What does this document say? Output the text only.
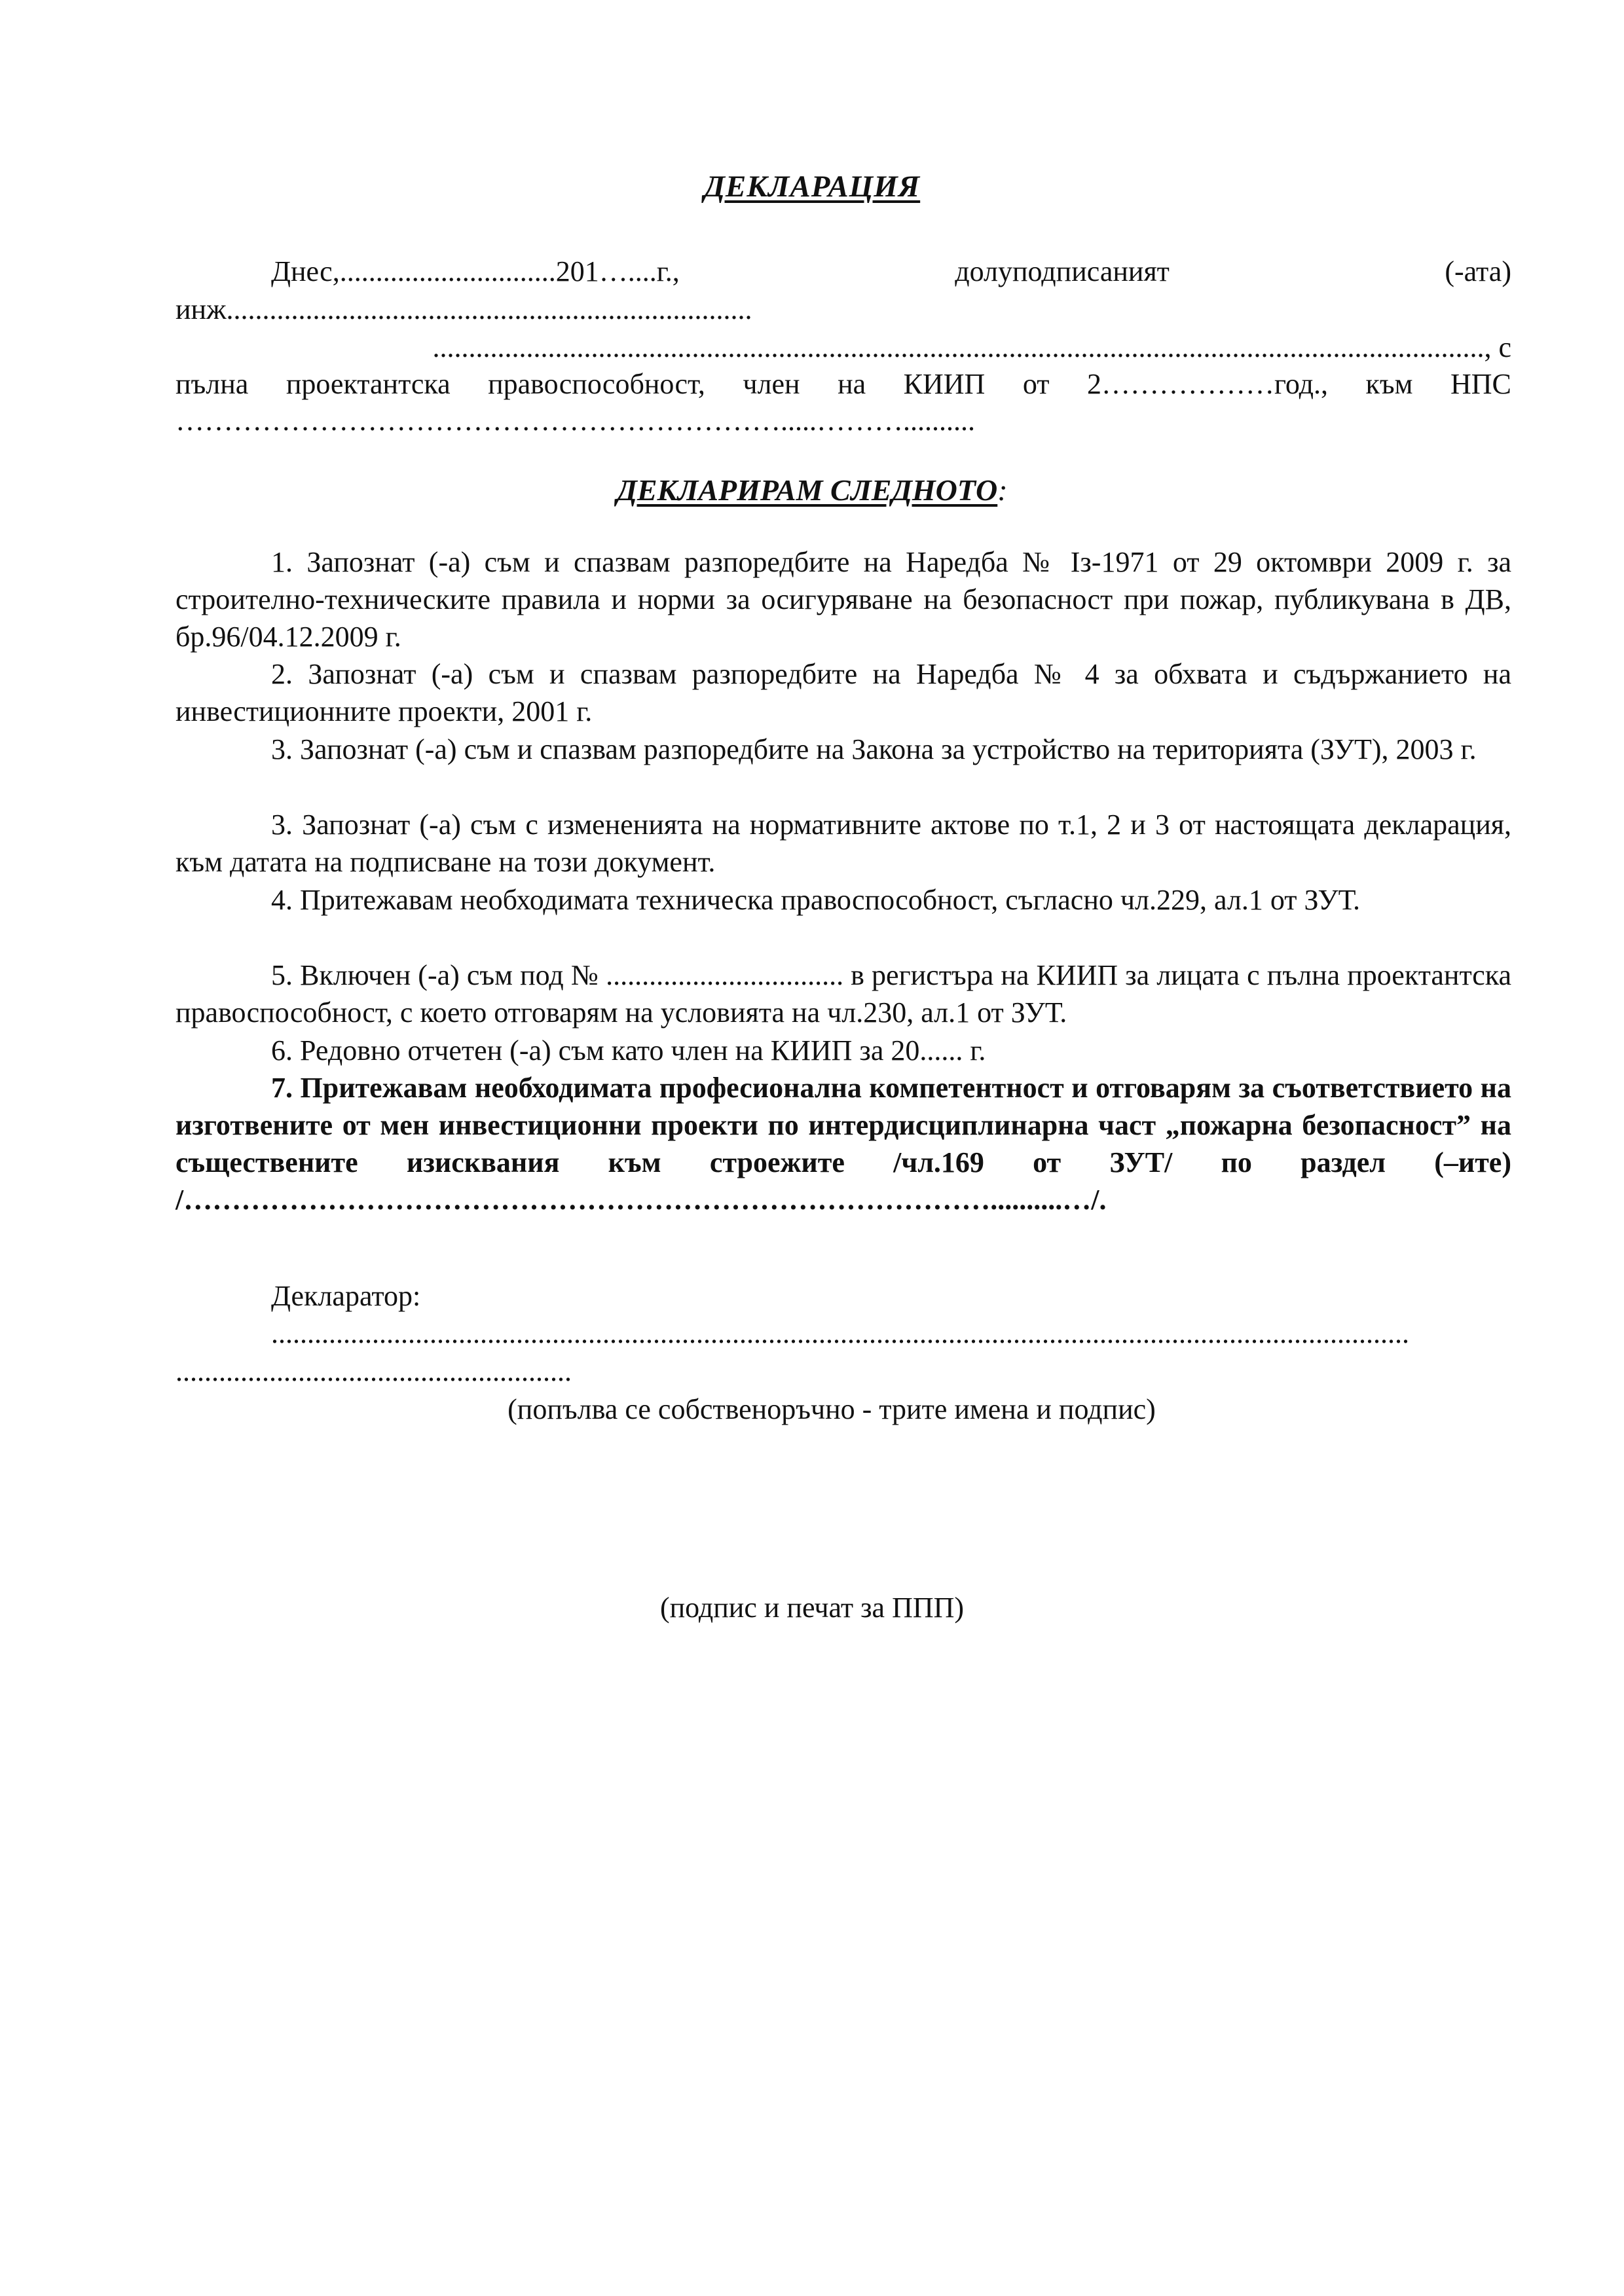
ДЕКЛАРАЦИЯ
Днес,..............................201…....г.,	долуподписаният	(-ата)
инж.........................................................................
.................................................................................................................................................., с
пълна проектантска правоспособност, член на КИИП от 2………………год., към НПС
……………………………………………………….....………..........
ДЕКЛАРИРАМ СЛЕДНОТО:
1. Запознат (-а) съм и спазвам разпоредбите на Наредба № Із-1971 от 29 октомври 2009 г. за строително-техническите правила и норми за осигуряване на безопасност при пожар, публикувана в ДВ, бр.96/04.12.2009 г.
2. Запознат (-а) съм и спазвам разпоредбите на Наредба № 4 за обхвата и съдържанието на инвестиционните проекти, 2001 г.
3. Запознат (-а) съм и спазвам разпоредбите на Закона за устройство на територията (ЗУТ), 2003 г.
3. Запознат (-а) съм с измененията на нормативните актове по т.1, 2 и 3 от настоящата декларация, към датата на подписване на този документ.
4. Притежавам необходимата техническа правоспособност, съгласно чл.229, ал.1 от ЗУТ.
5. Включен (-а) съм под № ................................. в регистъра на КИИП за лицата с пълна проектантска правоспособност, с което отговарям на условията на чл.230, ал.1 от ЗУТ.
6. Редовно отчетен (-а) съм като член на КИИП за 20...... г.
7. Притежавам необходимата професионална компетентност и отговарям за съответствието на изготвените от мен инвестиционни проекти по интердисциплинарна част „пожарна безопасност” на съществените изисквания към строежите /чл.169 от ЗУТ/ по раздел (–ите) /…………………………………………………………………………..........…/.
Декларатор:
..............................................................................................................................................................
.......................................................
(попълва се собственоръчно - трите имена и подпис)
(подпис и печат за ППП)
